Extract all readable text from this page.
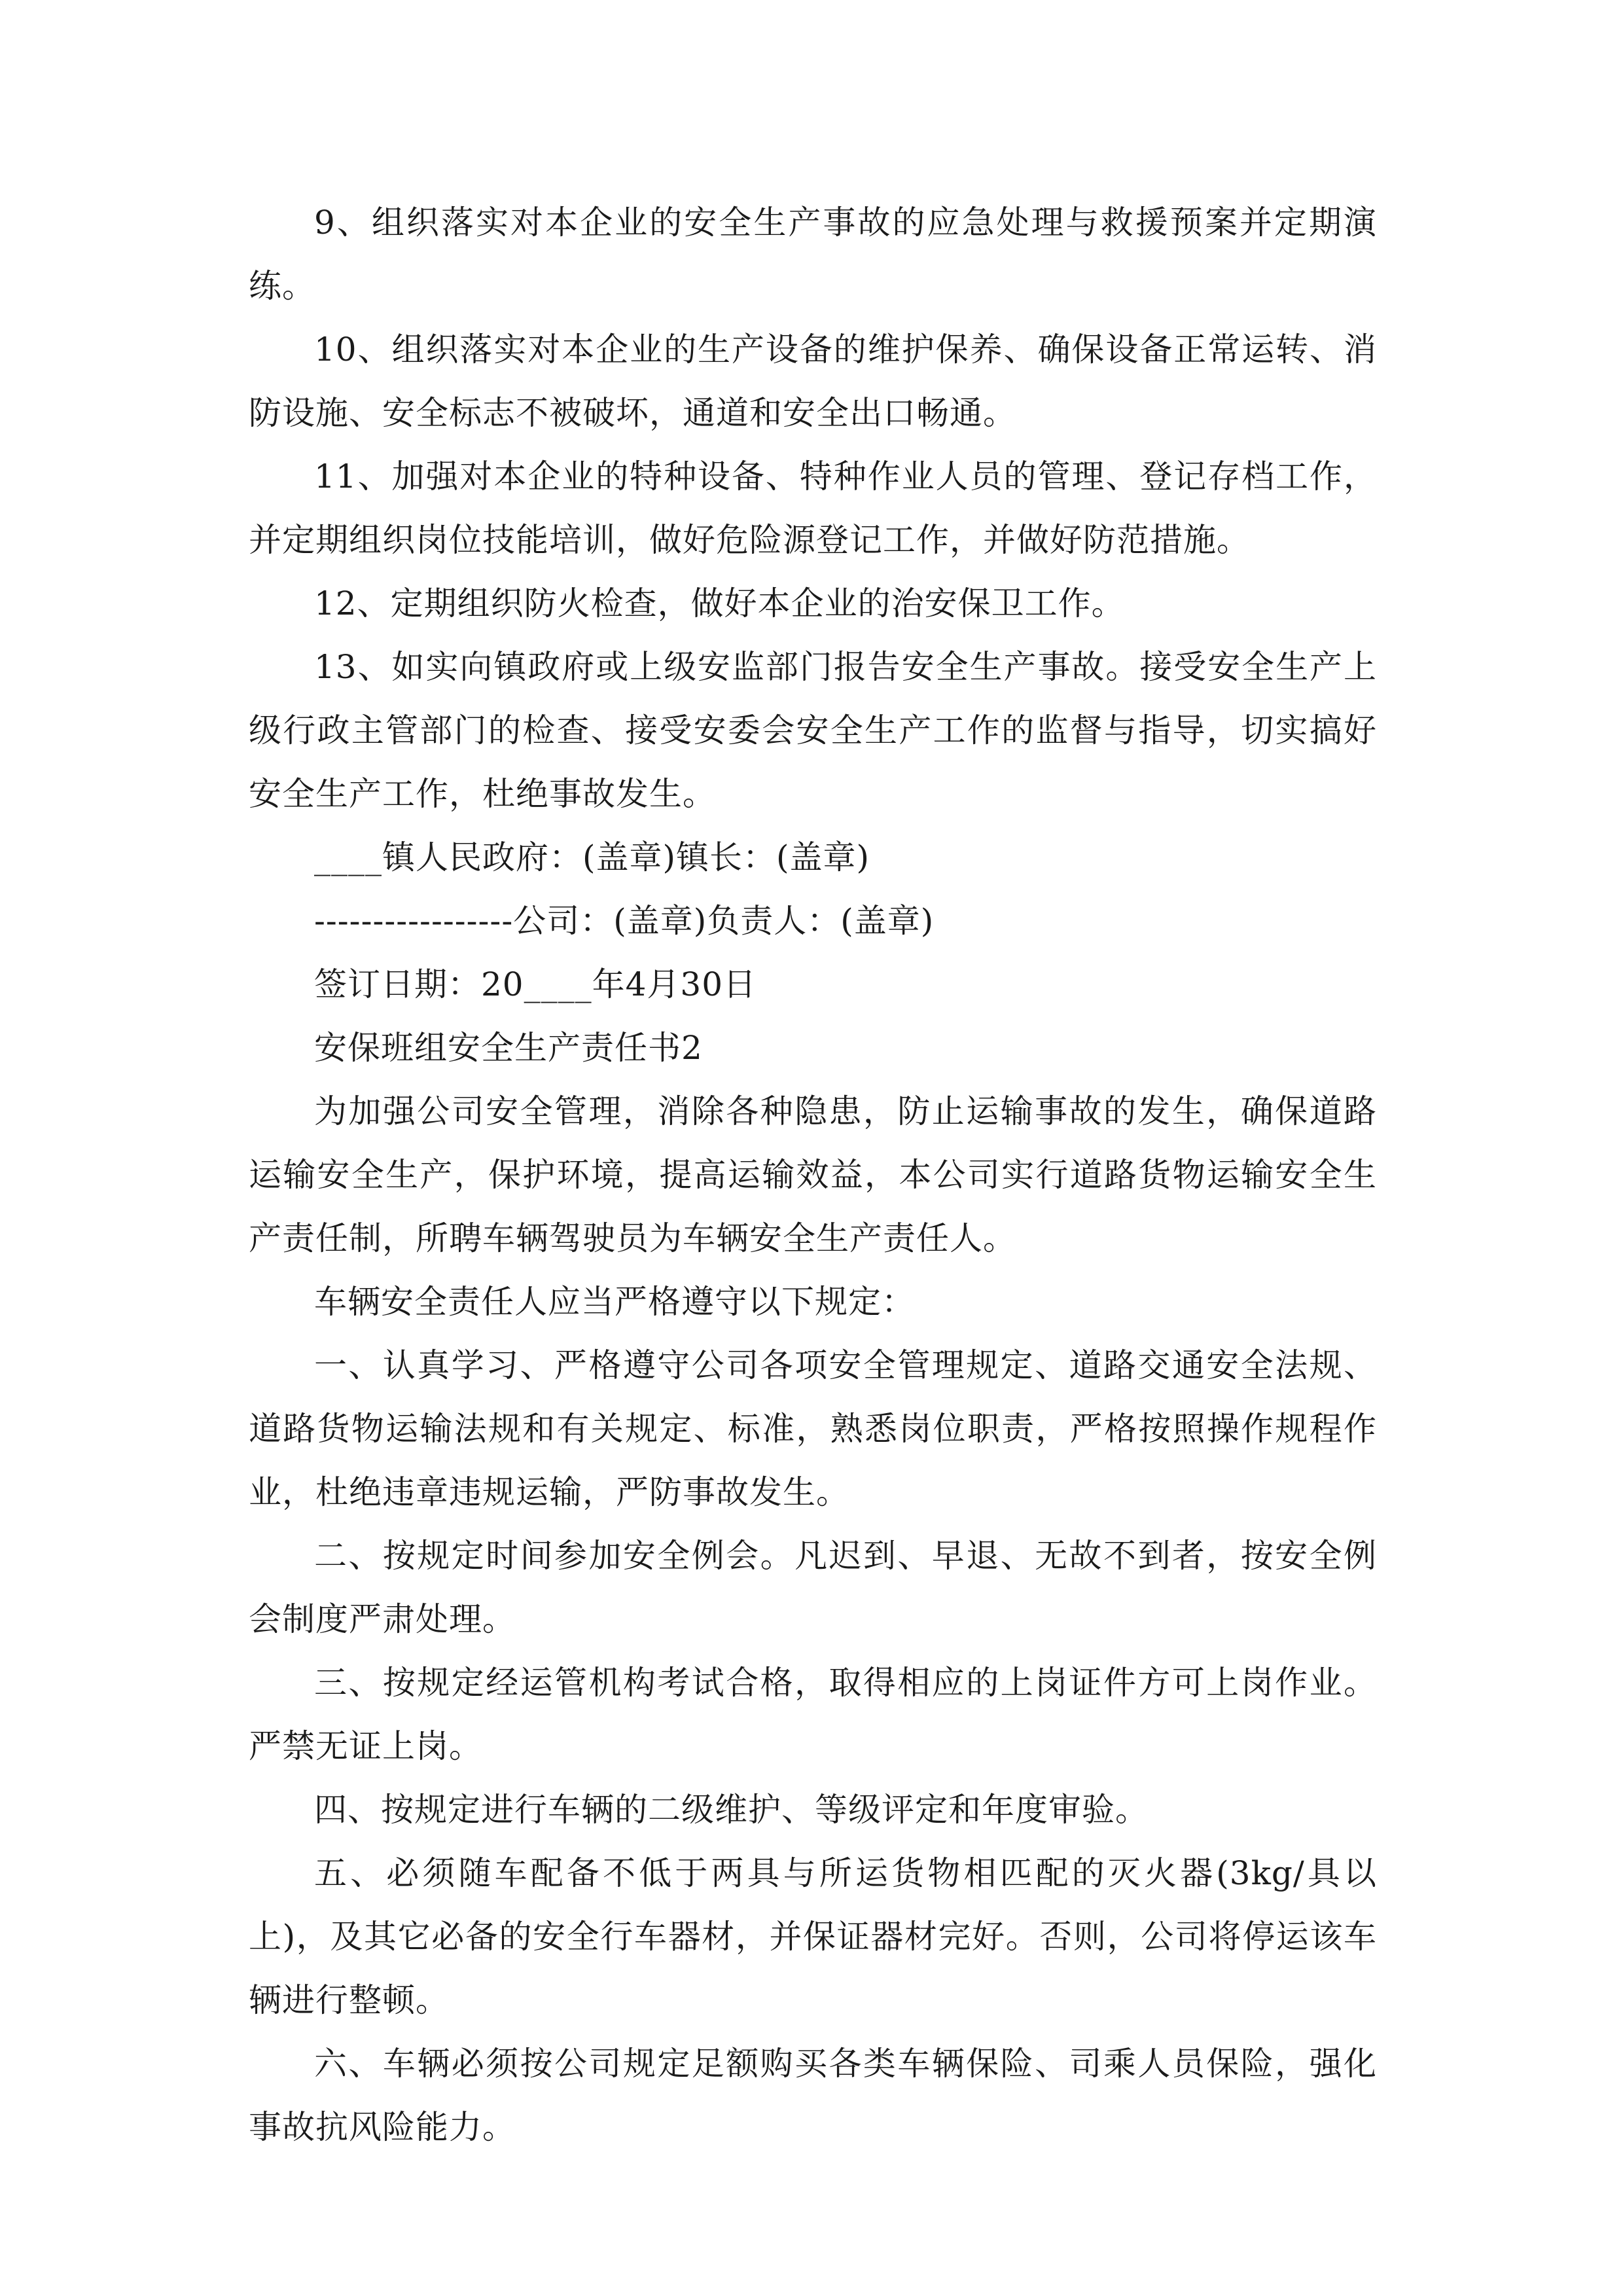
9、组织落实对本企业的安全生产事故的应急处理与救援预案并定期演练。

10、组织落实对本企业的生产设备的维护保养、确保设备正常运转、消防设施、安全标志不被破坏，通道和安全出口畅通。

11、加强对本企业的特种设备、特种作业人员的管理、登记存档工作，并定期组织岗位技能培训，做好危险源登记工作，并做好防范措施。

12、定期组织防火检查，做好本企业的治安保卫工作。

13、如实向镇政府或上级安监部门报告安全生产事故。接受安全生产上级行政主管部门的检查、接受安委会安全生产工作的监督与指导，切实搞好安全生产工作，杜绝事故发生。

____镇人民政府：(盖章)镇长：(盖章)

-----------------公司：(盖章)负责人：(盖章)

签订日期：20____年4月30日

安保班组安全生产责任书2

为加强公司安全管理，消除各种隐患，防止运输事故的发生，确保道路运输安全生产，保护环境，提高运输效益，本公司实行道路货物运输安全生产责任制，所聘车辆驾驶员为车辆安全生产责任人。

车辆安全责任人应当严格遵守以下规定：

一、认真学习、严格遵守公司各项安全管理规定、道路交通安全法规、道路货物运输法规和有关规定、标准，熟悉岗位职责，严格按照操作规程作业，杜绝违章违规运输，严防事故发生。

二、按规定时间参加安全例会。凡迟到、早退、无故不到者，按安全例会制度严肃处理。

三、按规定经运管机构考试合格，取得相应的上岗证件方可上岗作业。严禁无证上岗。

四、按规定进行车辆的二级维护、等级评定和年度审验。

五、必须随车配备不低于两具与所运货物相匹配的灭火器(3kg/具以上)，及其它必备的安全行车器材，并保证器材完好。否则，公司将停运该车辆进行整顿。

六、车辆必须按公司规定足额购买各类车辆保险、司乘人员保险，强化事故抗风险能力。
